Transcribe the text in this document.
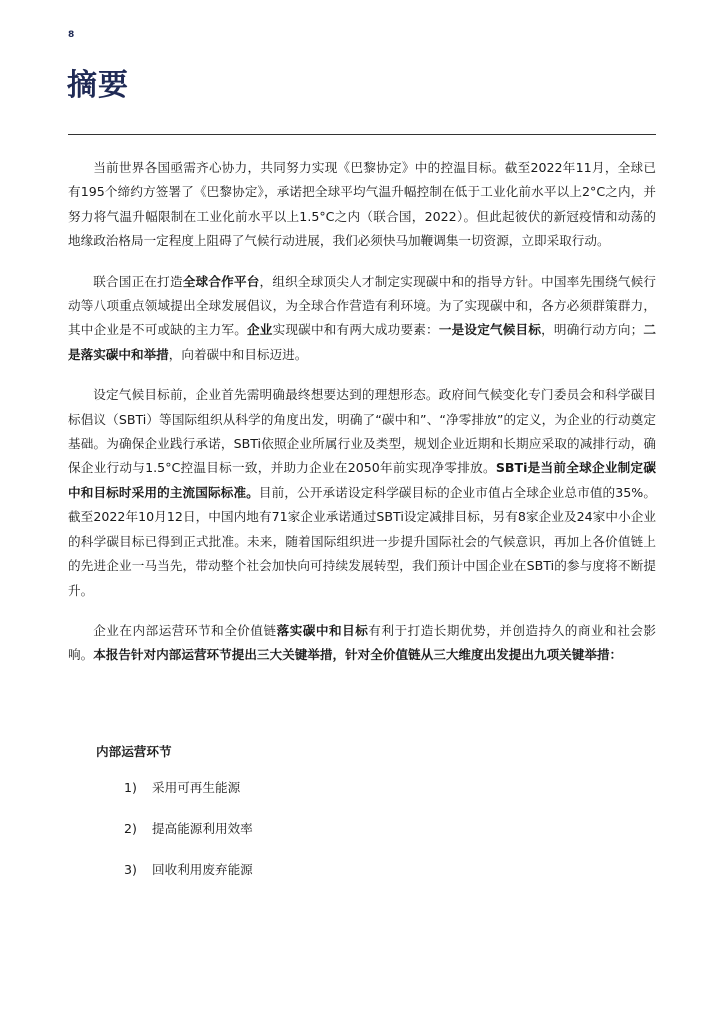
8
摘要

当前世界各国亟需齐心协力，共同努力实现《巴黎协定》中的控温目标。截至2022年11月，全球已有195个缔约方签署了《巴黎协定》，承诺把全球平均气温升幅控制在低于工业化前水平以上2°C之内，并努力将气温升幅限制在工业化前水平以上1.5°C之内（联合国，2022）。但此起彼伏的新冠疫情和动荡的地缘政治格局一定程度上阻碍了气候行动进展，我们必须快马加鞭调集一切资源，立即采取行动。

联合国正在打造全球合作平台，组织全球顶尖人才制定实现碳中和的指导方针。中国率先围绕气候行动等八项重点领域提出全球发展倡议，为全球合作营造有利环境。为了实现碳中和，各方必须群策群力，其中企业是不可或缺的主力军。企业实现碳中和有两大成功要素：一是设定气候目标，明确行动方向；二是落实碳中和举措，向着碳中和目标迈进。

设定气候目标前，企业首先需明确最终想要达到的理想形态。政府间气候变化专门委员会和科学碳目标倡议（SBTi）等国际组织从科学的角度出发，明确了“碳中和”、“净零排放”的定义，为企业的行动奠定基础。为确保企业践行承诺，SBTi依照企业所属行业及类型，规划企业近期和长期应采取的减排行动，确保企业行动与1.5°C控温目标一致，并助力企业在2050年前实现净零排放。SBTi是当前全球企业制定碳中和目标时采用的主流国际标准。目前，公开承诺设定科学碳目标的企业市值占全球企业总市值的35%。截至2022年10月12日，中国内地有71家企业承诺通过SBTi设定减排目标，另有8家企业及24家中小企业的科学碳目标已得到正式批准。未来，随着国际组织进一步提升国际社会的气候意识，再加上各价值链上的先进企业一马当先，带动整个社会加快向可持续发展转型，我们预计中国企业在SBTi的参与度将不断提升。

企业在内部运营环节和全价值链落实碳中和目标有利于打造长期优势，并创造持久的商业和社会影响。本报告针对内部运营环节提出三大关键举措，针对全价值链从三大维度出发提出九项关键举措：

内部运营环节
1) 采用可再生能源
2) 提高能源利用效率
3) 回收利用废弃能源
